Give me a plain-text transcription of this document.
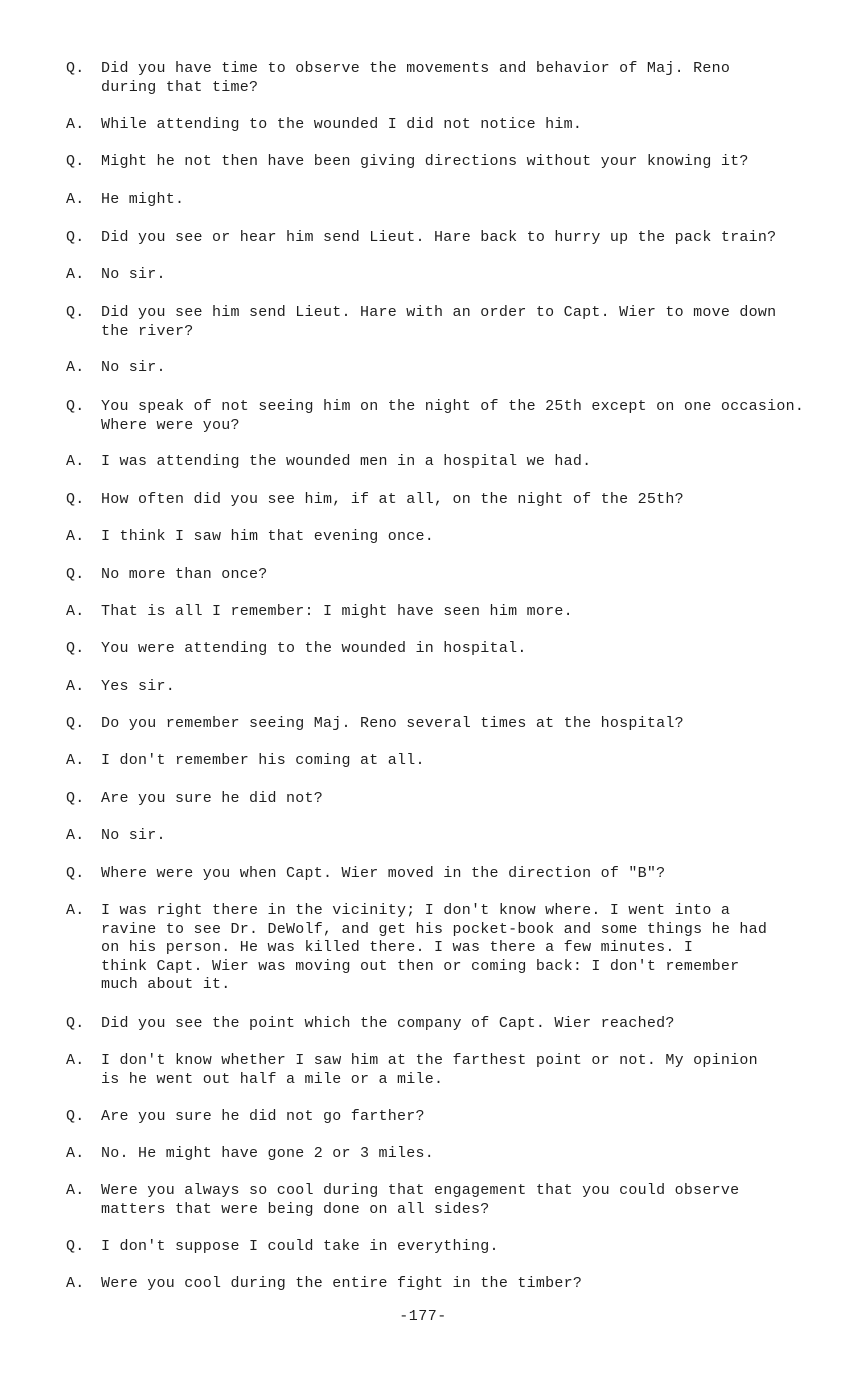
Q. Did you have time to observe the movements and behavior of Maj. Reno
during that time?
A. While attending to the wounded I did not notice him.
Q. Might he not then have been giving directions without your knowing it?
A. He might.
Q. Did you see or hear him send Lieut. Hare back to hurry up the pack train?
A. No sir.
Q. Did you see him send Lieut. Hare with an order to Capt. Wier to move down
the river?
A. No sir.
Q. You speak of not seeing him on the night of the 25th except on one occasion.
Where were you?
A. I was attending the wounded men in a hospital we had.
Q. How often did you see him, if at all, on the night of the 25th?
A. I think I saw him that evening once.
Q. No more than once?
A. That is all I remember: I might have seen him more.
Q. You were attending to the wounded in hospital.
A. Yes sir.
Q. Do you remember seeing Maj. Reno several times at the hospital?
A. I don't remember his coming at all.
Q. Are you sure he did not?
A. No sir.
Q. Where were you when Capt. Wier moved in the direction of "B"?
A. I was right there in the vicinity; I don't know where. I went into a
ravine to see Dr. DeWolf, and get his pocket-book and some things he had
on his person. He was killed there. I was there a few minutes. I
think Capt. Wier was moving out then or coming back: I don't remember
much about it.
Q. Did you see the point which the company of Capt. Wier reached?
A. I don't know whether I saw him at the farthest point or not. My opinion
is he went out half a mile or a mile.
Q. Are you sure he did not go farther?
A. No. He might have gone 2 or 3 miles.
A. Were you always so cool during that engagement that you could observe
matters that were being done on all sides?
Q. I don't suppose I could take in everything.
A. Were you cool during the entire fight in the timber?
-177-
